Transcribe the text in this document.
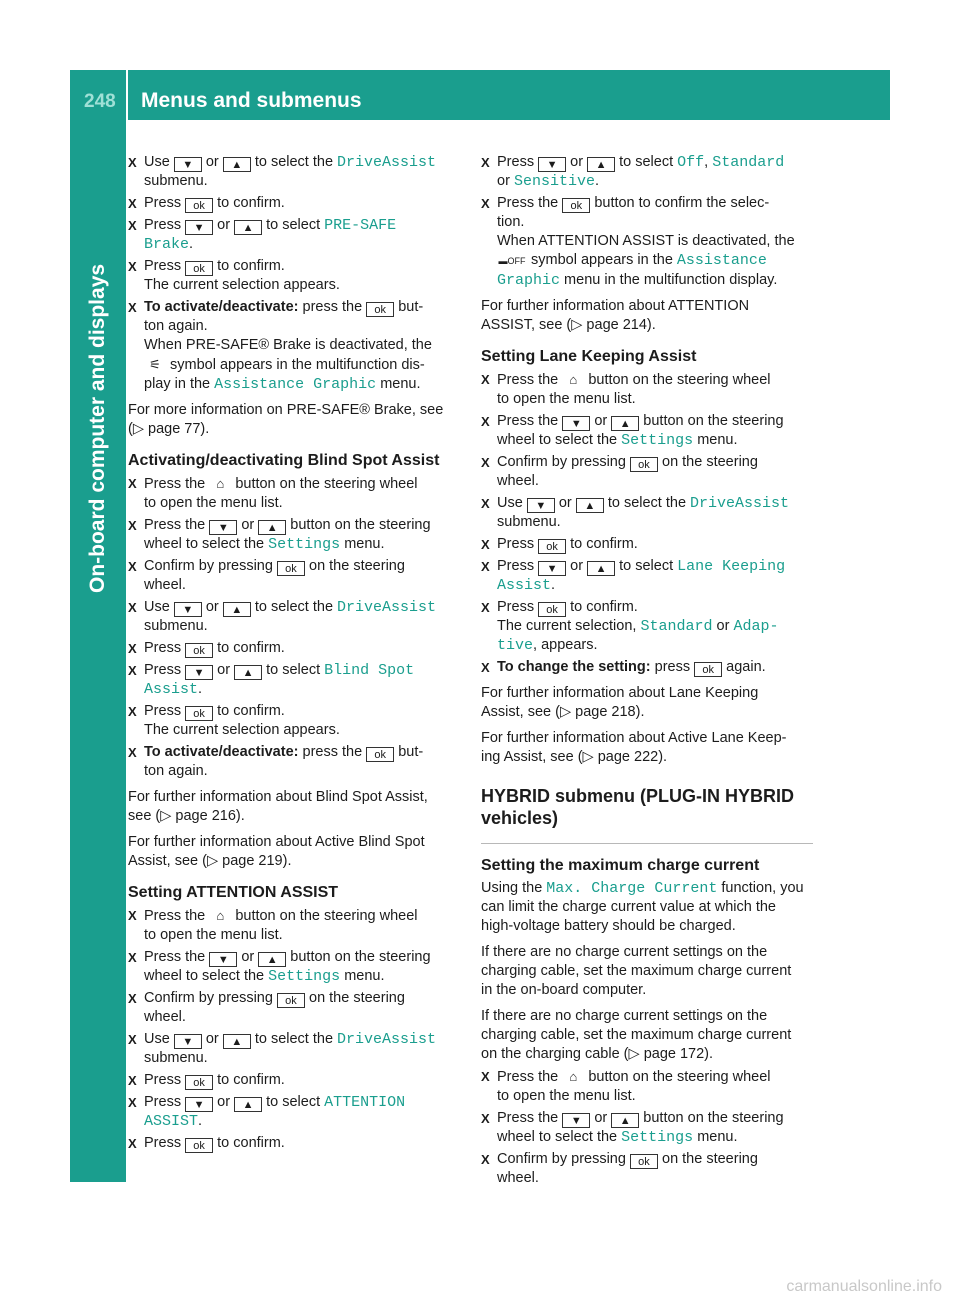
248 Menus and submenus
On-board computer and displays
X Use ▼ or ▲ to select the DriveAssist
submenu.
X Press ok to confirm.
X Press ▼ or ▲ to select PRE-SAFE
Brake.
X Press ok to confirm.
The current selection appears.
X To activate/deactivate: press the ok but-
ton again.
When PRE-SAFE® Brake is deactivated, the
⚟ symbol appears in the multifunction dis-
play in the Assistance Graphic menu.
For more information on PRE-SAFE® Brake, see
(▷ page 77).
Activating/deactivating Blind Spot Assist
X Press the ⌂ button on the steering wheel
to open the menu list.
X Press the ▼ or ▲ button on the steering
wheel to select the Settings menu.
X Confirm by pressing ok on the steering
wheel.
X Use ▼ or ▲ to select the DriveAssist
submenu.
X Press ok to confirm.
X Press ▼ or ▲ to select Blind Spot
Assist.
X Press ok to confirm.
The current selection appears.
X To activate/deactivate: press the ok but-
ton again.
For further information about Blind Spot Assist,
see (▷ page 216).
For further information about Active Blind Spot
Assist, see (▷ page 219).
Setting ATTENTION ASSIST
X Press the ⌂ button on the steering wheel
to open the menu list.
X Press the ▼ or ▲ button on the steering
wheel to select the Settings menu.
X Confirm by pressing ok on the steering
wheel.
X Use ▼ or ▲ to select the DriveAssist
submenu.
X Press ok to confirm.
X Press ▼ or ▲ to select ATTENTION
ASSIST.
X Press ok to confirm.
X Press ▼ or ▲ to select Off, Standard
or Sensitive.
X Press the ok button to confirm the selec-
tion.
When ATTENTION ASSIST is deactivated, the
▬OFF symbol appears in the Assistance
Graphic menu in the multifunction display.
For further information about ATTENTION
ASSIST, see (▷ page 214).
Setting Lane Keeping Assist
X Press the ⌂ button on the steering wheel
to open the menu list.
X Press the ▼ or ▲ button on the steering
wheel to select the Settings menu.
X Confirm by pressing ok on the steering
wheel.
X Use ▼ or ▲ to select the DriveAssist
submenu.
X Press ok to confirm.
X Press ▼ or ▲ to select Lane Keeping
Assist.
X Press ok to confirm.
The current selection, Standard or Adap‐
tive, appears.
X To change the setting: press ok again.
For further information about Lane Keeping
Assist, see (▷ page 218).
For further information about Active Lane Keep-
ing Assist, see (▷ page 222).
HYBRID submenu (PLUG-IN HYBRID
vehicles)
Setting the maximum charge current
Using the Max. Charge Current function, you
can limit the charge current value at which the
high-voltage battery should be charged.
If there are no charge current settings on the
charging cable, set the maximum charge current
in the on-board computer.
If there are no charge current settings on the
charging cable, set the maximum charge current
on the charging cable (▷ page 172).
X Press the ⌂ button on the steering wheel
to open the menu list.
X Press the ▼ or ▲ button on the steering
wheel to select the Settings menu.
X Confirm by pressing ok on the steering
wheel.
carmanualsonline.info
